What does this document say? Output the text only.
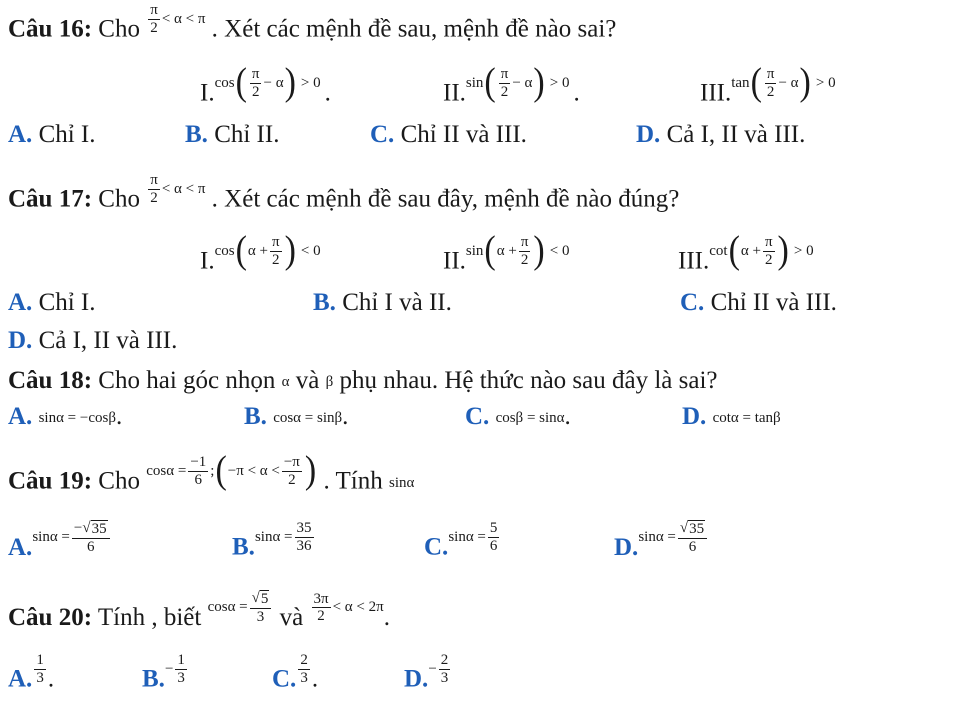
Câu 16: Cho $\frac{\pi}{2} < \alpha < \pi$ . Xét các mệnh đề sau, mệnh đề nào sai?
I. cos ( $\frac{\pi}{2} - \alpha$ ) > 0 .	II. sin ( $\frac{\pi}{2} - \alpha$ ) > 0 .	III. tan ( $\frac{\pi}{2} - \alpha$ ) > 0
A. Chỉ I.	B. Chỉ II.	C. Chỉ II và III.	D. Cả I, II và III.
Câu 17: Cho $\frac{\pi}{2} < \alpha < \pi$ . Xét các mệnh đề sau đây, mệnh đề nào đúng?
I. cos ( $\alpha + \frac{\pi}{2}$ ) < 0	II. sin ( $\alpha + \frac{\pi}{2}$ ) < 0	III. cot ( $\alpha + \frac{\pi}{2}$ ) > 0
A. Chỉ I.	B. Chỉ I và II.	C. Chỉ II và III.
D. Cả I, II và III.
Câu 18: Cho hai góc nhọn α và β phụ nhau. Hệ thức nào sau đây là sai?
A. sinα = −cosβ.	B. cosα = sinβ.	C. cosβ = sinα.	D. cotα = tanβ
Câu 19: Cho $\cos\alpha = \frac{-1}{6}$ ; ( $-\pi < \alpha < \frac{-\pi}{2}$ ) . Tính sinα
A. $\sin\alpha = \frac{-√ 35}{6}$	B. $\sin\alpha = \frac{35}{36}$	C. $\sin\alpha = \frac{5}{6}$	D. $\sin\alpha = \frac{√ 35}{6}$
Câu 20: Tính , biết $\cos\alpha = \frac{√ 5}{3}$ và $\frac{3\pi}{2} < \alpha < 2\pi$ .
A. $\frac{1}{3}$ .	B. − $\frac{1}{3}$	C. $\frac{2}{3}$ .	D. − $\frac{2}{3}$
